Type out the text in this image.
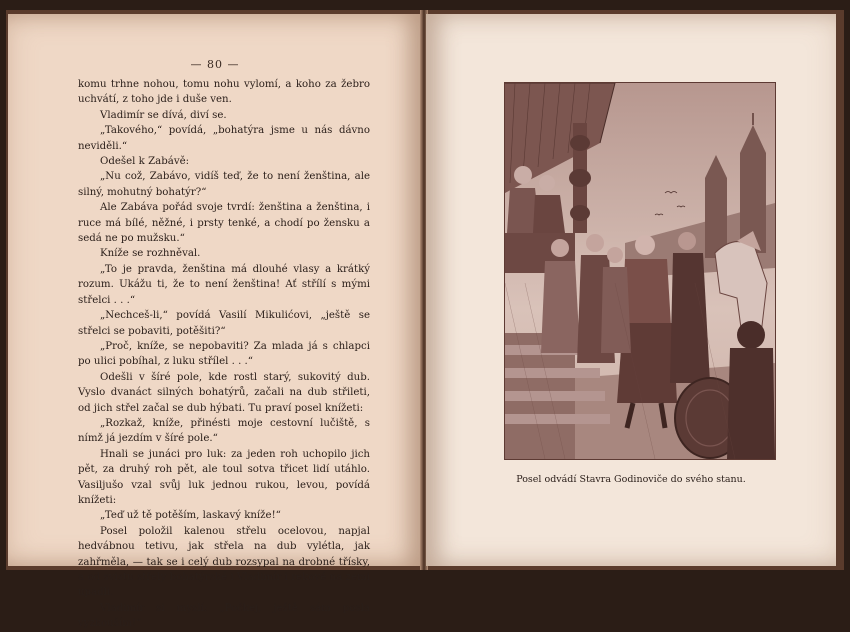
— 80 —

komu trhne nohou, tomu nohu vylomí, a koho za žebro uchvátí, z toho jde i duše ven.

Vladimír se dívá, diví se.

„Takového,“ povídá, „bohatýra jsme u nás dávno neviděli.“

Odešel k Zabávě:

„Nu což, Zabávo, vidíš teď, že to není ženština, ale silný, mohutný bohatýr?“

Ale Zabáva pořád svoje tvrdí: ženština a ženština, i ruce má bílé, něžné, i prsty tenké, a chodí po žensku a sedá ne po mužsku.“

Kníže se rozhněval.

„To je pravda, ženština má dlouhé vlasy a krátký rozum. Ukážu ti, že to není ženština! Ať střílí s mými střelci . . .“

„Nechceš-li,“ povídá Vasilí Mikulićovi, „ještě se střelci se pobaviti, potěšiti?“

„Proč, kníže, se nepobaviti? Za mlada já s chlapci po ulici pobíhal, z luku střílel . . .“

Odešli v šíré pole, kde rostl starý, sukovitý dub. Vyslo dvanáct silných bohatýrů, začali na dub střileti, od jich střel začal se dub hýbati. Tu praví posel knížeti:

„Rozkaž, kníže, přinésti moje cestovní lučiště, s nímž já jezdím v šíré pole.“

Hnali se junáci pro luk: za jeden roh uchopilo jich pět, za druhý roh pět, ale toul sotva třicet lidí utáhlo. Vasiljušo vzal svůj luk jednou rukou, levou, povídá knížeti:

„Teď už tě potěším, laskavý kníže!“

Posel položil kalenou střelu ocelovou, napjal hedvábnou tetivu, jak střela na dub vylétla, jak zahřměla, — tak se i celý dub rozsypal na drobné třísky, a od svistu střely bohatýrské i Vladimír i rekové na zemi upadli.

Vladimír si myslí: „Počkej, ještě sám posla vyzkouším!“

Posel odvádí Stavra Godinoviče do svého stanu.
